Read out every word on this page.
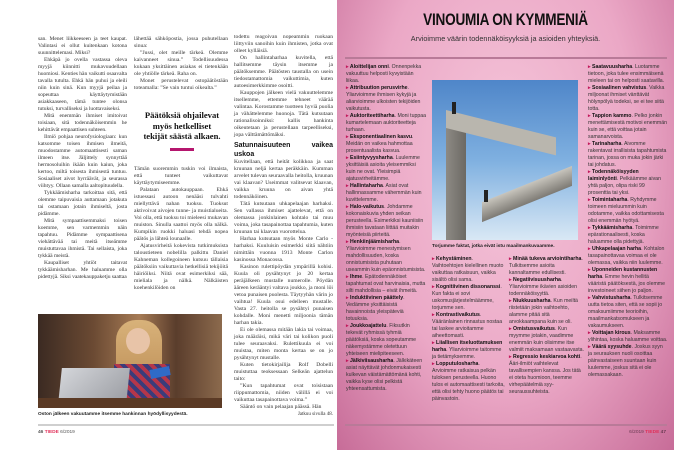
san. Menet liikkeeseen ja teet kaupat. Valintasi ei ollut kuitenkaan kotona suunnittelemasi. Miksi?

Ehkäpä jo ovella vastassa oleva myyjä kiinnitti mukavuudellaan huomiosi. Kenties hän vaikutti osaavalta tavalla tutulta. Ehkä hän puhui ja eleili niin kuin sinä. Kun myyjä peilaa ja sopeuttaa käyttäytymistään asiakkaaseen, tämä tuntee olonsa tutuksi, turvalliseksi ja luottavaiseksi.

Mitä enemmän ihmiset imitoivat toisiaan, sitä todennäköisemmin he kehittävät empaattisen suhteen.

Ilmiö pohjaa neurofysiologiaan: kun katsomme toisen ihmisen ilmeitä, muodostamme automaattisesti saman ilmeen itse. Jäljittely synnyttää hermosoluihin ikään kuin kaiun, joka kertoo, miltä toisesta ihmisestä tuntuu. Sosiaaliset aivot hyrräävät, ja seurassa viihtyy. Ollaan samalla aaltopituudella.

Tykkäämisharha tarkoittaa sitä, että olemme taipuvaisia auttamaan jotakuta tai ostamaan jotain ihmiseltä, josta pidämme.

Mitä sympaattisemmaksi toisen koemme, sen varmemmin näin tapahtuu. Pidämme sympaattisena viehättävää tai meitä itseämme muistuttavaa ihmistä. Tai sellaista, joka tykkää meistä.

Kaupalliset yhtiöt taitavat tykkäämisharhan. Me haluamme olla pidettyjä. Siksi vaatekauppaketju saattaa

lähettää sähköpostia, jossa puhutellaan sinua:

”Jussi, olet meille tärkeä. Olemme kaivanneet sinua.” Todellisuudessa kukaan yksittäinen asiakas ei tietenkään ole yhtiölle tärkeä. Raha on.

Monet perustelevat ostopäätöstään toteamalla: ”Se vain tuntui oikealta.”

Päätöksiä ohjailevat myös hetkelliset tekijät säästä alkaen.

Tämän suoremmin tuskin voi ilmaista, että tunteet vaikuttavat käyttäytymiseemme.

Palataan autokauppaan. Ehkä istuessasi autoon nenääsi tulvahti miellyttävä nahan tuoksu. Tuoksut aktivoivat aivojen tunne- ja muistialueita. Voi olla, että tuoksu toi mieleesi mukavan muiston. Sinulla saattoi myös olla nälkä. Kumpikin ruokki haluasi tehdä nopea päätös ja lähteä lounaalle.

Ajatusvirheitä kokevista tutkimuksista taloustieteen nobelilla palkittu Daniel Kahneman kollegoineen kutsuu tällaisia päätöksiin vaikuttavia hetkellisiä tekijöitä häiriöiksi. Niitä ovat esimerkiksi sää, mieliala ja nälkä. Nälkäisten koehenkilöiden on

todettu reagoivan nopeammin ruokaan liittyviin sanoihin kuin ihmisten, jotka ovat olleet kylläisiä.

On hallintaharhaa kuvitella, että hallitsemme täysin itsemme ja päätöksemme. Päätösten taustalla on usein tiedostamattomia vaikuttimia, kuten autoesimerkkimme osoitti.

Kauppojen jälkeen vielä vakuuttelemme itsellemme, ettemme tehneet väärää valintaa. Korostamme tuotteen hyviä puolia ja vähättelemme huonoja. Tätä kutsutaan rationalisoinniksi: kallis hankinta oikeutetaan ja perustellaan tarpeelliseksi, jopa välttämättömäksi.

Satunnaisuuteen vaikea uskoa

Kuvitellaan, että heität kolikkoa ja saat kruunan neljä kertaa peräkkäin. Kumman arvelet tulevan seuraavalla heitolla, kruunan vai klaavan? Useimmat valitsevat klaavan, vaikka kruuna on aivan yhtä todennäköinen.

Tätä kutsutaan uhkapelaajan harhaksi. Sen vallassa ihmiset ajattelevat, että on olemassa jonkinlainen kohtalo tai muu voima, joka tasapainottaa tapahtumia, kuten kruunan tai klaavan vuorottelua.

Harhaa kutsutaan myös Monte Carlo -harhaksi. Kuuluisin esimerkki siitä nähtiin nimittäin vuonna 1913 Monte Carlon kasinossa Monacossa.

Kasinon rulettipöydän ympärillä kohisi. Kuula oli pysähtynyt jo 20 kertaa peräjälkeen mustalle numerolle. Pöydän ääreen kerääntyi valtava joukko, ja moni löi vetoa punaisen puolesta. Täytyyhän värin jo vaihtua! Kuula osui edelleen mustalle. Vasta 27. heitolla se pysähtyi punaisen kohdalle. Moni menetti miljoonia tämän harhan takia.

Ei ole olemassa mitään lakia tai voimaa, joka määräisi, mikä väri tai kolikon puoli tulee seuraavaksi. Rulettikuula ei voi muistaa, miten monta kertaa se on jo pysähtynyt mustalle.

Kuten tietokirjailija Rolf Dobelli muistuttaa teoksessaan Selkeän ajattelun taito:

”Kun tapahtumat ovat toisistaan riippumattomia, niiden välillä ei voi vaikuttaa tasapainottava voima.”

Sääntö on vain pelaajan päässä. Hän

Jatkuu sivulla 48.
Oston jälkeen vakuutamme itsemme hankinnan hyödyllisyydestä.
46 TIEDE 6/2019
VINOUMIA ON KYMMENIÄ
Arvioimme väärin todennäköisyyksiä ja asioiden yhteyksiä.
▸ Aloittelijan onni. Onnenpekka vakuuttuu helposti kyvyistään liikaa.
▸ Attribuution perusvirhe. Yliarvioimme ihmisen kykyjä ja aliarvioimme ulkoisten tekijöiden vaikutusta.
▸ Auktoriteettiharha. Moni tuppaa kumartelemaan auktoriteetteja turhaan.
▸ Eksponentiaalinen kasvu. Meidän on vaikea hahmottaa prosentuaalista kasvua.
▸ Esiintyvyysharha. Luulemme yksittäisiä asioita yleisemmiksi kuin ne ovat. Yleisimpiä ajatusvirheitämme.
▸ Hallintaharha. Asiat ovat hallinnassamme vähemmän kuin kuvittelemme.
▸ Halo-vaikutus. Johdamme kokonaiskuvia yhden seikan perusteella. Esimerkiksi kauniisiin ihmisiin tavataan liittää muitakin myönteisiä piirteitä.
▸ Henkiinjäämisharha. Yliarvioimme menestymisen mahdollisuuden, koska onnistumisista puhutaan useammin kuin epäonnistumisista.
▸ Ihme. Epätodennäköiset tapahtumat ovat harvinaisia, mutta silti mahdollisia – eivät ihmeitä.
▸ Induktiivinen päättely. Vedämme yksittäisistä havainnoista yleispäteviä totuuksia.
▸ Joukkoajattelu. Fiksutkin tekevät ryhmissä tyhmiä päätöksiä, koska sopeutamme näkemystämme oletettuun yhteiseen mielipiteeseen.
▸ Jälkiviisausharha. Jälkikäteen asiat näyttävät johdonmukaisesti kulkevan väistämättömänä kohti, vaikka kyse olisi pelkistä yhteensattumista.
Torjumme faktat, jotka eivät istu maailmankuvaamme.
▸ Kehystäminen. Vaihtoehtojen kielellinen muoto vaikuttaa ratkaisuun, vaikka sisältö olisi sama.
▸ Kognitiivinen dissonanssi. Kun fakta ei sovi uskomusjärjestelmäämme, torjumme sen.
▸ Kontrastivaikutus. Vääränlainen rinnastus nostaa tai laskee arvioitamme aiheettomasti.
▸ Liiallisen itseluottamuksen harha. Yliarvioimme taitomme ja tietämyksemme.
▸ Lopputulosharha. Arvioimme ratkaisua pelkän tuloksen perusteella. Huono tulos ei automaattisesti tarkoita, että olisi tehty huono päätös tai päinvastoin.
▸ Minää tukeva arviointiharha. Tulkitsemme asioita kannaltamme edullisesti.
▸ Negatiivisuusharha. Yliarvioimme ikävien asioiden todennäköisyyttä.
▸ Niukkuusharha. Kun meiltä riistetään jokin vaihtoehto, alamme pitää sitä arvokkaampana kuin se oli.
▸ Omistusvaikutus. Kun myymme jotakin, vaadimme enemmän kuin olisimme itse valmiit maksamaan vastaavasta.
▸ Regressio keskiarvoa kohti. Ääri-ilmiöt vaihtelevat tavallisempien kanssa. Jos tätä ei oteta huomioon, teemme virhepäätelmiä syy-seuraussuhteista.
▸ Saatavuusharha. Luotamme tietoon, joka tulee ensimmäisenä mieleen tai on helposti saatavilla.
▸ Sosiaalinen vahvistus. Vaikka miljoonat ihmiset vänttävät hölynpölyä todeksi, se ei tee siitä totta.
▸ Tappion kammo. Pelko jonkin menettämisestä motivoi enemmän kuin se, että voittaa jotain samanarvoista.
▸ Tarinaharha. Aivomme rakentavat irrallisista tapahtumista tarinan, jossa on muka jokin järki tai johdatus.
▸ Todennäköisyyden laiminlyönti. Pelkäämme aivan yhtä paljon, olipa riski 99 prosenttia tai yksi.
▸ Toimintaharha. Ryhdymme toimeen mieluummin kuin odotamme, vaikka odottamisesta olisi enemmän hyötyä.
▸ Tykkäämisharha. Toimimme epärationaalisesti, koska haluamme olla pidettyjä.
▸ Uhkapelaajan harha. Kohtalon tasapainottavaa voimaa ei ole olemassa, vaikka niin luulemme.
▸ Uponneiden kustannusten harha. Emme hevin hellitä vääristä päätöksestä, jos olemme investoineet siihen jo paljon.
▸ Vahvistusharha. Tulkitsemme uutta tietoa siten, että se sopii jo omaksumiimme teorioihin, maailmankatsomukseen ja vakaumukseen.
▸ Voittajan kirous. Maksamme ylihintaa, koska haluamme voittaa.
▸ Väärä syysuhde. Joskus syyn ja seurauksen nuoli osoittaa päinvastaiseen suuntaan kuin luulemme, joskus sitä ei ole olemassakaan.
6/2019 TIEDE 47
